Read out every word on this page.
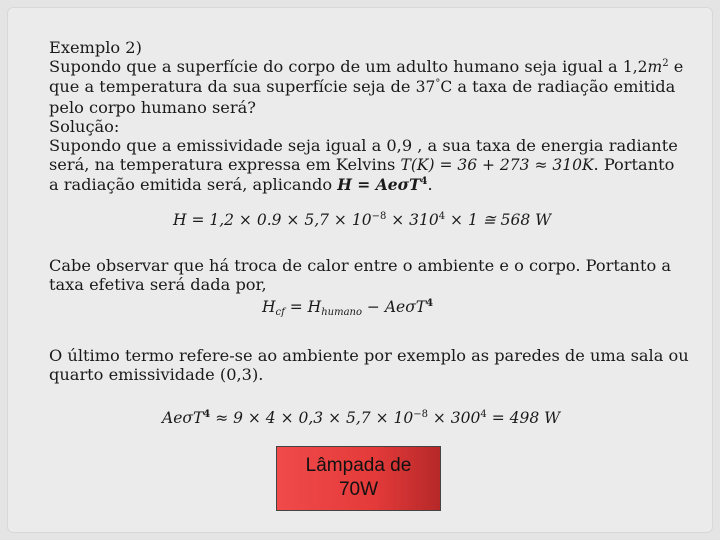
Exemplo 2)
Supondo que a superfície do corpo de um adulto humano seja igual a $1,2m^2$ e
que a temperatura da sua superfície seja de 37°C a taxa de radiação emitida
pelo corpo humano será?
Solução:
Supondo que a emissividade seja igual a 0,9 , a sua taxa de energia radiante
será, na temperatura expressa em Kelvins T(K) = 36 + 273 ≈ 310K. Portanto
a radiação emitida será, aplicando H = AeσT$^4$.
$H = 1,2 \times 0.9 \times 5,7 \times 10^{-8} \times 310^4 \times 1$ ≅ 568 W
Cabe observar que há troca de calor entre o ambiente e o corpo. Portanto a
taxa efetiva será dada por,
$H_{cf} = H_{humano} - Ae\sigma T^4$
O último termo refere-se ao ambiente por exemplo as paredes de uma sala ou
quarto emissividade (0,3).
$Ae\sigma T^4 \approx 9 \times 4 \times 0,3 \times 5,7 \times 10^{-8} \times 300^4 = 498$ W
Lâmpada de
70W
